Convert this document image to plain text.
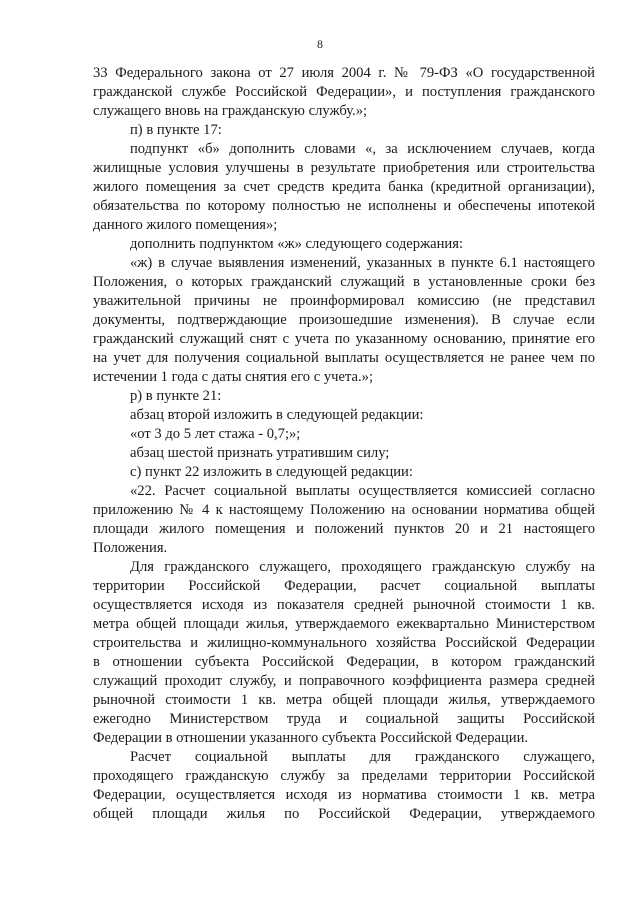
8
33 Федерального закона от 27 июля 2004 г. № 79-ФЗ «О государственной
гражданской службе Российской Федерации», и поступления гражданского
служащего вновь на гражданскую службу.»;
п) в пункте 17:
подпункт «б» дополнить словами «, за исключением случаев, когда
жилищные условия улучшены в результате приобретения или строительства
жилого помещения за счет средств кредита банка (кредитной организации),
обязательства по которому полностью не исполнены и обеспечены ипотекой
данного жилого помещения»;
дополнить подпунктом «ж» следующего содержания:
«ж) в случае выявления изменений, указанных в пункте 6.1 настоящего
Положения, о которых гражданский служащий в установленные сроки без
уважительной причины не проинформировал комиссию (не представил
документы, подтверждающие произошедшие изменения). В случае если
гражданский служащий снят с учета по указанному основанию, принятие его
на учет для получения социальной выплаты осуществляется не ранее чем по
истечении 1 года с даты снятия его с учета.»;
р) в пункте 21:
абзац второй изложить в следующей редакции:
«от 3 до 5 лет стажа - 0,7;»;
абзац шестой признать утратившим силу;
с) пункт 22 изложить в следующей редакции:
«22. Расчет социальной выплаты осуществляется комиссией согласно
приложению № 4 к настоящему Положению на основании норматива общей
площади жилого помещения и положений пунктов 20 и 21 настоящего
Положения.
Для гражданского служащего, проходящего гражданскую службу на
территории Российской Федерации, расчет социальной выплаты
осуществляется исходя из показателя средней рыночной стоимости 1 кв.
метра общей площади жилья, утверждаемого ежеквартально Министерством
строительства и жилищно-коммунального хозяйства Российской Федерации
в отношении субъекта Российской Федерации, в котором гражданский
служащий проходит службу, и поправочного коэффициента размера средней
рыночной стоимости 1 кв. метра общей площади жилья, утверждаемого
ежегодно Министерством труда и социальной защиты Российской
Федерации в отношении указанного субъекта Российской Федерации.
Расчет социальной выплаты для гражданского служащего,
проходящего гражданскую службу за пределами территории Российской
Федерации, осуществляется исходя из норматива стоимости 1 кв. метра
общей площади жилья по Российской Федерации, утверждаемого
